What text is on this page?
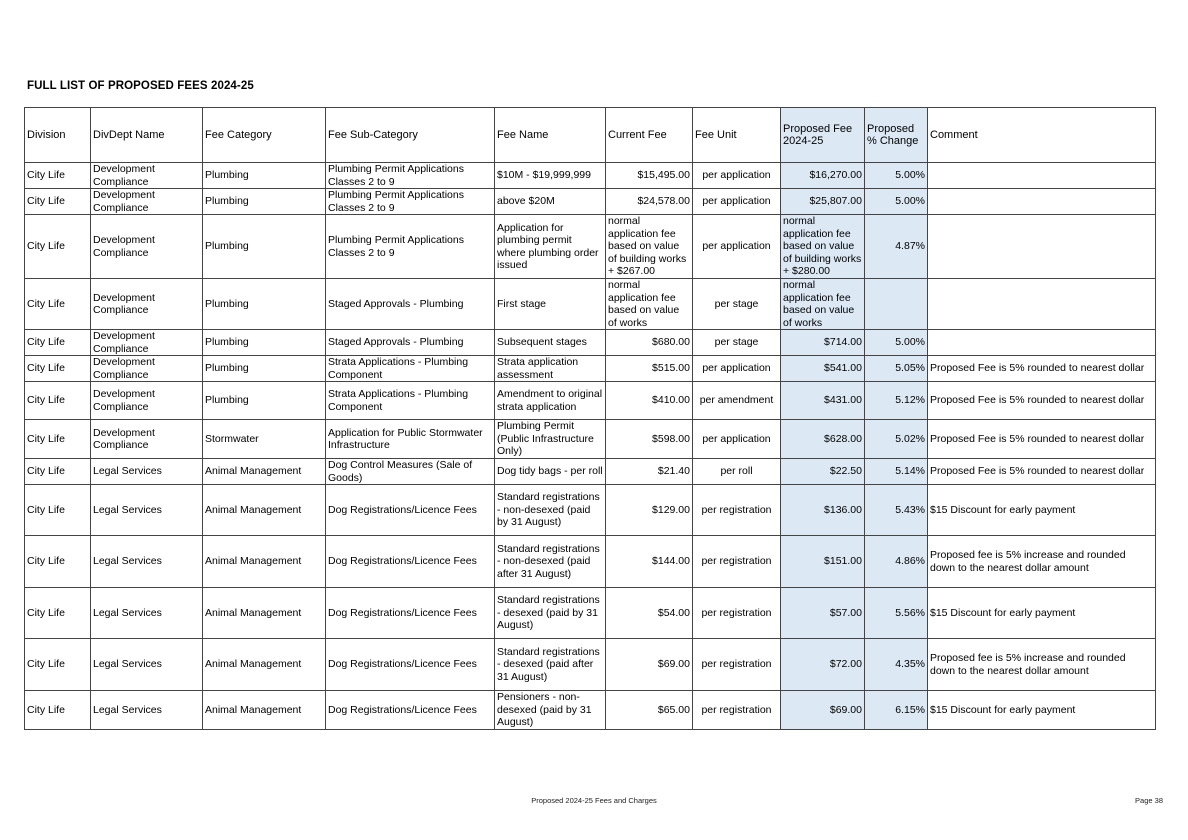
FULL LIST OF PROPOSED FEES 2024-25
Division	DivDept Name	Fee Category	Fee Sub-Category	Fee Name	Current Fee	Fee Unit	Proposed Fee 2024-25	Proposed % Change	Comment
City Life	Development Compliance	Plumbing	Plumbing Permit Applications Classes 2 to 9	$10M - $19,999,999	$15,495.00	per application	$16,270.00	5.00%	
City Life	Development Compliance	Plumbing	Plumbing Permit Applications Classes 2 to 9	above $20M	$24,578.00	per application	$25,807.00	5.00%	
City Life	Development Compliance	Plumbing	Plumbing Permit Applications Classes 2 to 9	Application for plumbing permit where plumbing order issued	normal application fee based on value of building works + $267.00	per application	normal application fee based on value of building works + $280.00	4.87%	
City Life	Development Compliance	Plumbing	Staged Approvals - Plumbing	First stage	normal application fee based on value of works	per stage	normal application fee based on value of works		
City Life	Development Compliance	Plumbing	Staged Approvals - Plumbing	Subsequent stages	$680.00	per stage	$714.00	5.00%	
City Life	Development Compliance	Plumbing	Strata Applications - Plumbing Component	Strata application assessment	$515.00	per application	$541.00	5.05%	Proposed Fee is 5% rounded to nearest dollar
City Life	Development Compliance	Plumbing	Strata Applications - Plumbing Component	Amendment to original strata application	$410.00	per amendment	$431.00	5.12%	Proposed Fee is 5% rounded to nearest dollar
City Life	Development Compliance	Stormwater	Application for Public Stormwater Infrastructure	Plumbing Permit (Public Infrastructure Only)	$598.00	per application	$628.00	5.02%	Proposed Fee is 5% rounded to nearest dollar
City Life	Legal Services	Animal Management	Dog Control Measures (Sale of Goods)	Dog tidy bags - per roll	$21.40	per roll	$22.50	5.14%	Proposed Fee is 5% rounded to nearest dollar
City Life	Legal Services	Animal Management	Dog Registrations/Licence Fees	Standard registrations - non-desexed (paid by 31 August)	$129.00	per registration	$136.00	5.43%	$15 Discount for early payment
City Life	Legal Services	Animal Management	Dog Registrations/Licence Fees	Standard registrations - non-desexed (paid after 31 August)	$144.00	per registration	$151.00	4.86%	Proposed fee is 5% increase and rounded down to the nearest dollar amount
City Life	Legal Services	Animal Management	Dog Registrations/Licence Fees	Standard registrations - desexed (paid by 31 August)	$54.00	per registration	$57.00	5.56%	$15 Discount for early payment
City Life	Legal Services	Animal Management	Dog Registrations/Licence Fees	Standard registrations - desexed (paid after 31 August)	$69.00	per registration	$72.00	4.35%	Proposed fee is 5% increase and rounded down to the nearest dollar amount
City Life	Legal Services	Animal Management	Dog Registrations/Licence Fees	Pensioners - non-desexed (paid by 31 August)	$65.00	per registration	$69.00	6.15%	$15 Discount for early payment
Proposed 2024-25 Fees and Charges	Page 38
